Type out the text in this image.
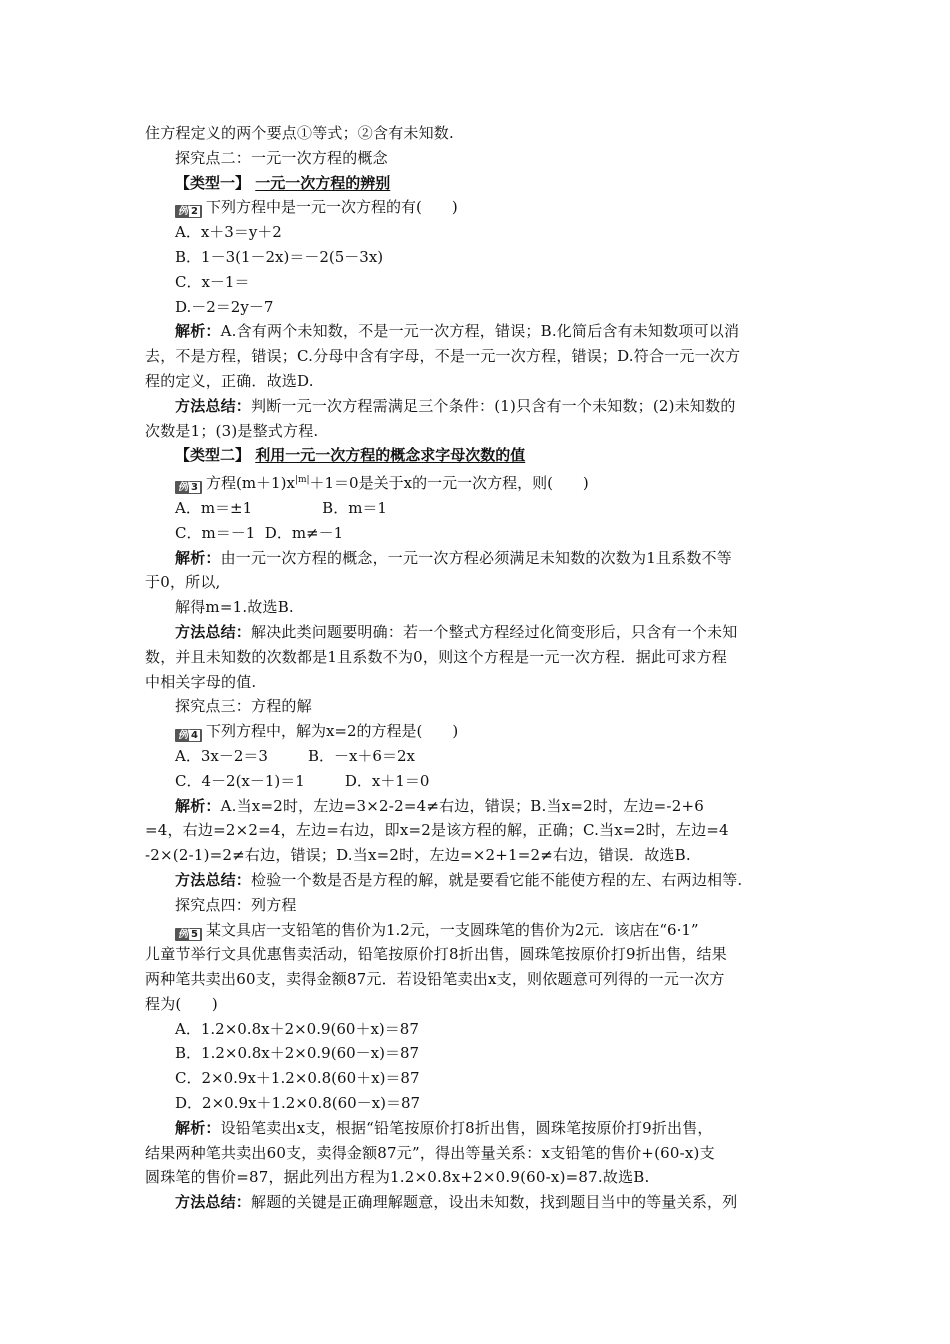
住方程定义的两个要点①等式；②含有未知数.

探究点二：一元一次方程的概念

【类型一】 一元一次方程的辨别

例 2 下列方程中是一元一次方程的有(　　)

A．x＋3＝y＋2

B．1－3(1－2x)＝－2(5－3x)

C．x－1＝

D.－2＝2y－7

解析：A.含有两个未知数，不是一元一次方程，错误；B.化简后含有未知数项可以消

去，不是方程，错误；C.分母中含有字母，不是一元一次方程，错误；D.符合一元一次方

程的定义，正确．故选D.

方法总结：判断一元一次方程需满足三个条件：(1)只含有一个未知数；(2)未知数的

次数是1；(3)是整式方程.

【类型二】 利用一元一次方程的概念求字母次数的值

例 3 方程$(m+1)x^{|m|}+1=0$是关于x的一元一次方程，则(　　)

A．m＝±1	B．m＝1

C．m＝－1 D．m≠－1

解析：由一元一次方程的概念，一元一次方程必须满足未知数的次数为1且系数不等

于0，所以,

解得m=1.故选B.

方法总结：解决此类问题要明确：若一个整式方程经过化简变形后，只含有一个未知

数，并且未知数的次数都是1且系数不为0，则这个方程是一元一次方程．据此可求方程

中相关字母的值.

探究点三：方程的解

例 4 下列方程中，解为x=2的方程是(　　)

A．3x－2＝3	B．－x＋6＝2x

C．4－2(x－1)＝1	D．x＋1＝0

解析：A.当x=2时，左边=3×2-2=4≠右边，错误；B.当x=2时，左边=-2+6

=4，右边=2×2=4，左边=右边，即x=2是该方程的解，正确；C.当x=2时，左边=4

-2×(2-1)=2≠右边，错误；D.当x=2时，左边=×2+1=2≠右边，错误．故选B.

方法总结：检验一个数是否是方程的解，就是要看它能不能使方程的左、右两边相等.

探究点四：列方程

例 5 某文具店一支铅笔的售价为1.2元，一支圆珠笔的售价为2元．该店在“6·1”

儿童节举行文具优惠售卖活动，铅笔按原价打8折出售，圆珠笔按原价打9折出售，结果

两种笔共卖出60支，卖得金额87元．若设铅笔卖出x支，则依题意可列得的一元一次方

程为(　　)

A．1.2×0.8x＋2×0.9(60＋x)＝87

B．1.2×0.8x＋2×0.9(60－x)＝87

C．2×0.9x＋1.2×0.8(60＋x)＝87

D．2×0.9x＋1.2×0.8(60－x)＝87

解析：设铅笔卖出x支，根据“铅笔按原价打8折出售，圆珠笔按原价打9折出售，

结果两种笔共卖出60支，卖得金额87元”，得出等量关系：x支铅笔的售价+(60-x)支

圆珠笔的售价=87，据此列出方程为1.2×0.8x+2×0.9(60-x)=87.故选B.

方法总结：解题的关键是正确理解题意，设出未知数，找到题目当中的等量关系，列
